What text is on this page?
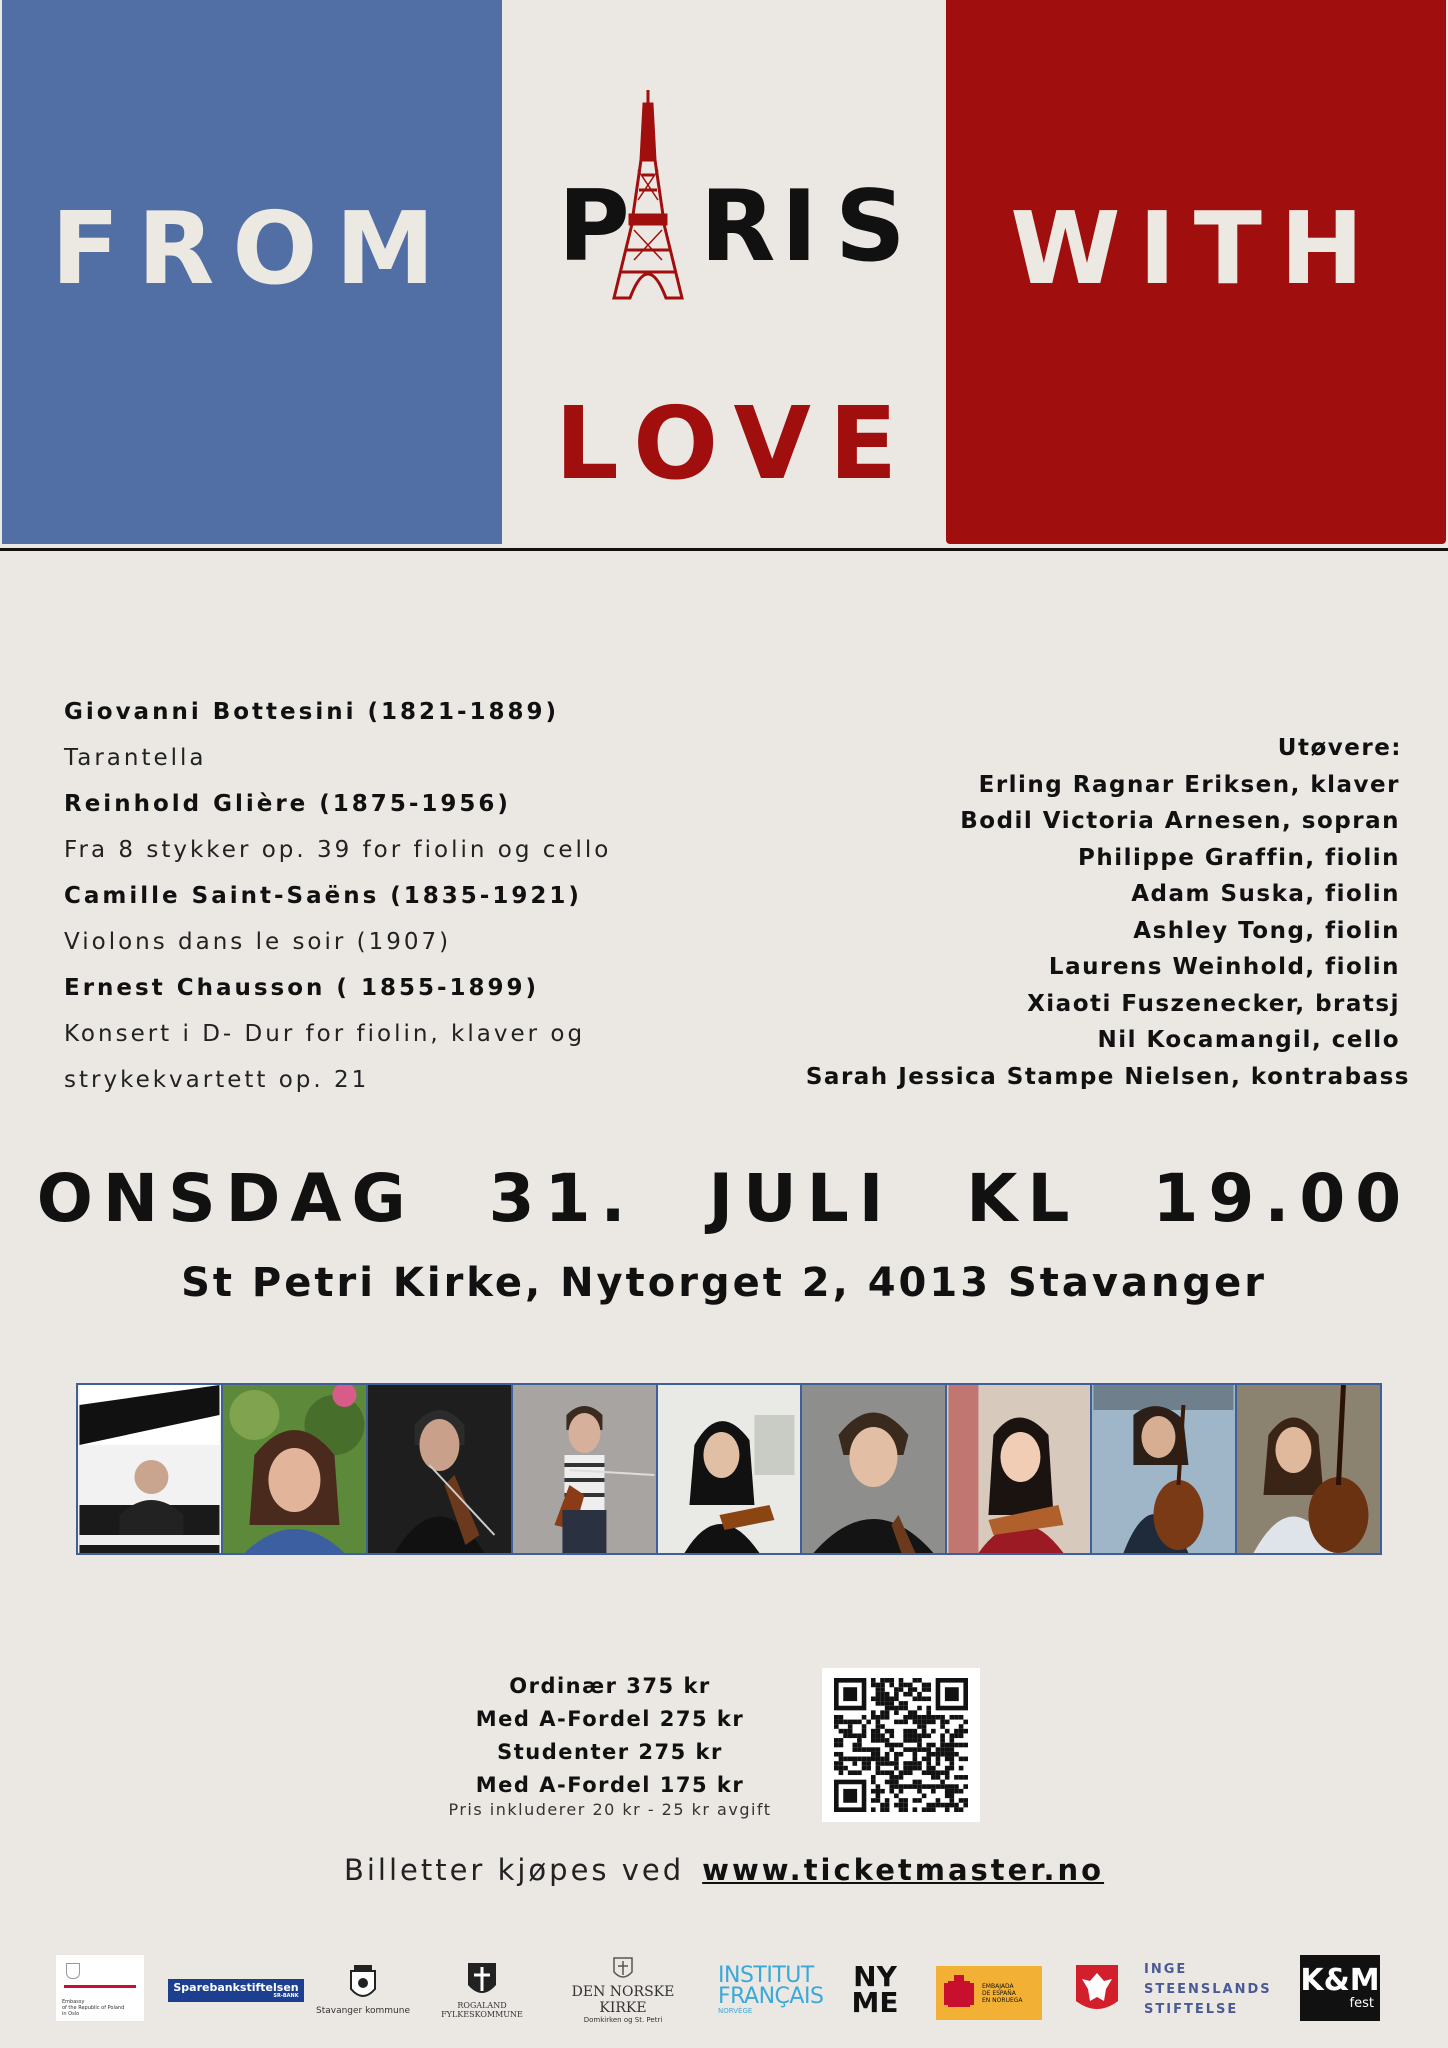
FROM	WITH
P R I S
LOVE
Giovanni Bottesini (1821-1889)
Tarantella
Reinhold Glière (1875-1956)
Fra 8 stykker op. 39 for fiolin og cello
Camille Saint-Saëns (1835-1921)
Violons dans le soir (1907)
Ernest Chausson ( 1855-1899)
Konsert i D- Dur for fiolin, klaver og
strykekvartett op. 21
Utøvere:
Erling Ragnar Eriksen, klaver
Bodil Victoria Arnesen, sopran
Philippe Graffin, fiolin
Adam Suska, fiolin
Ashley Tong, fiolin
Laurens Weinhold, fiolin
Xiaoti Fuszenecker, bratsj
Nil Kocamangil, cello
Sarah Jessica Stampe Nielsen, kontrabass
ONSDAG 31. JULI KL 19.00
St Petri Kirke, Nytorget 2, 4013 Stavanger
Ordinær 375 kr
Med A-Fordel 275 kr
Studenter 275 kr
Med A-Fordel 175 kr
Pris inkluderer 20 kr - 25 kr avgift
Billetter kjøpes ved www.ticketmaster.no
Embassy
of the Republic of Poland
in Oslo
Sparebankstiftelsen
SR-BANK
Stavanger kommune
ROGALAND
FYLKESKOMMUNE
DEN NORSKE KIRKE
Domkirken og St. Petri
INSTITUT
FRANÇAIS
NORVÈGE
NY
ME	EMBAJADA
DE ESPAÑA
EN NORUEGA
INGE
STEENSLANDS
STIFTELSE
K&M
fest
